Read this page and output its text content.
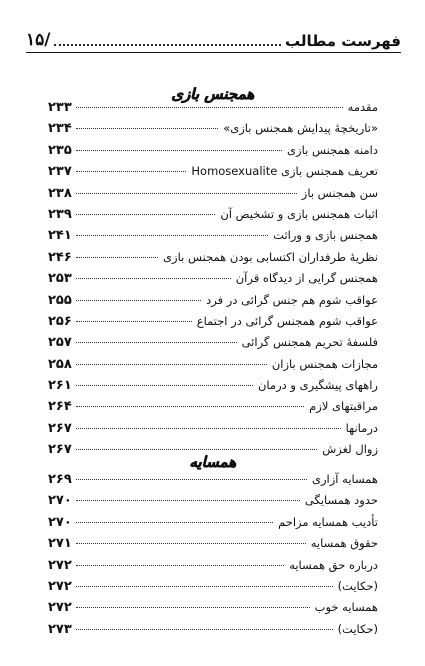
فهرست مطالب
/۱۵
همجنس بازی
مقدمه
۲۳۳
«تاریخچهٔ پیدایش همجنس بازی»
۲۳۴
دامنه همجنس بازی
۲۳۵
تعریف همجنس بازی Homosexualite
۲۳۷
سن همجنس باز
۲۳۸
اثبات همجنس بازی و تشخیص آن
۲۳۹
همجنس بازی و وراثت
۲۴۱
نظریهٔ طرفداران اکتسابی بودن همجنس بازی
۲۴۶
همجنس گرایی از دیدگاه قرآن
۲۵۳
عواقب شوم هم جنس گرائی در فرد
۲۵۵
عواقب شوم همجنس گرائی در اجتماع
۲۵۶
فلسفهٔ تحریم همجنس گرائی
۲۵۷
مجازات همجنس بازان
۲۵۸
راههای پیشگیری و درمان
۲۶۱
مراقبتهای لازم
۲۶۴
درمانها
۲۶۷
زوال لغزش
۲۶۷
همسایه
همسایه آزاری
۲۶۹
حدود همسایگی
۲۷۰
تأدیب همسایه مزاحم
۲۷۰
حقوق همسایه
۲۷۱
درباره حق همسایه
۲۷۲
(حکایت)
۲۷۲
همسایه خوب
۲۷۲
(حکایت)
۲۷۳
